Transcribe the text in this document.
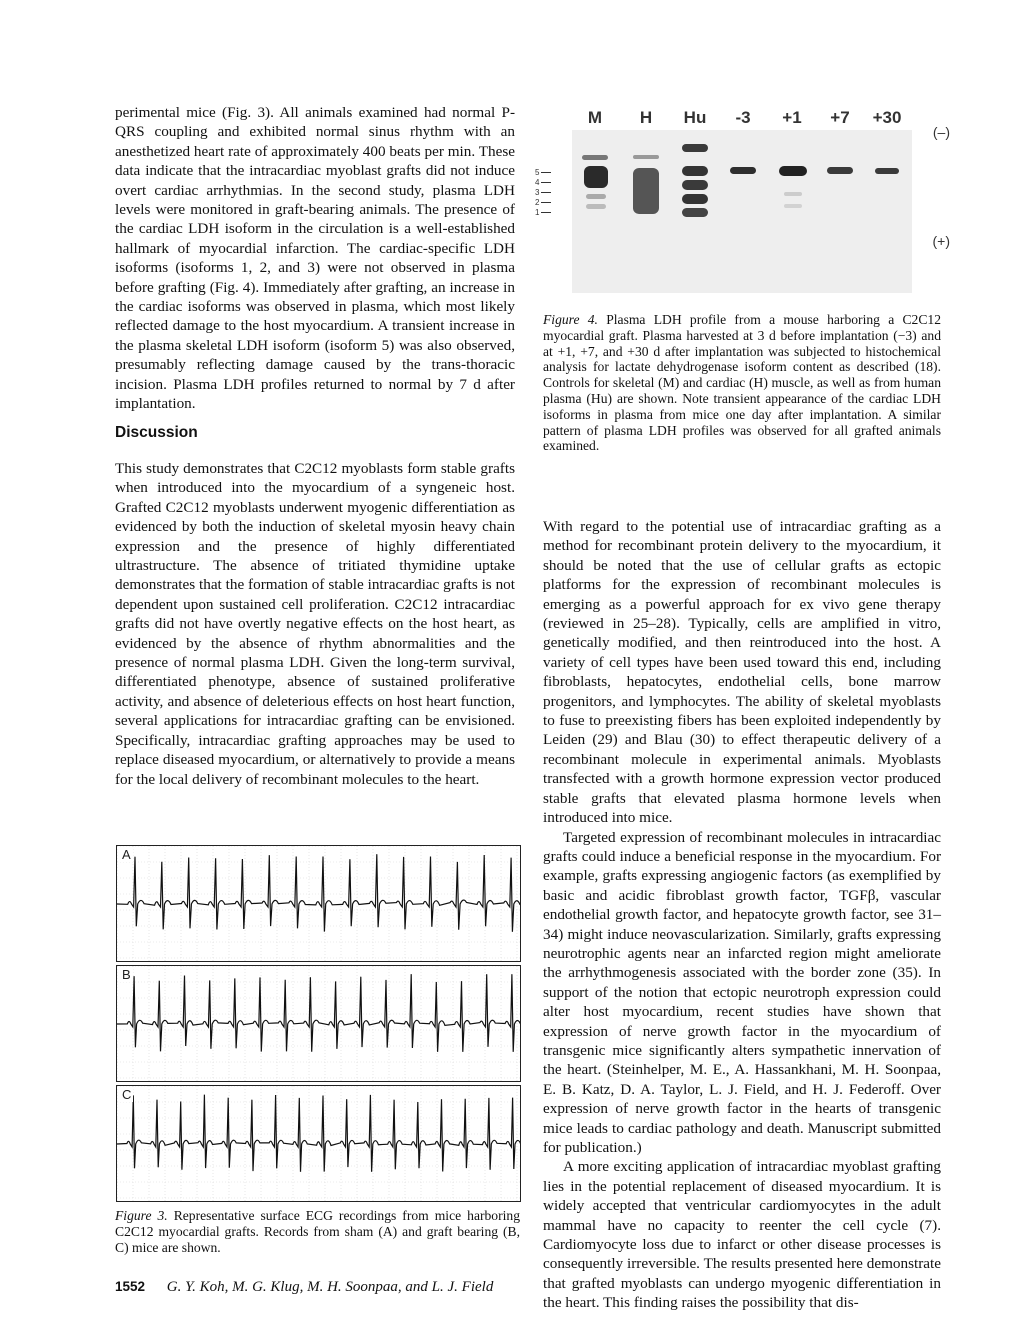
perimental mice (Fig. 3). All animals examined had normal P-QRS coupling and exhibited normal sinus rhythm with an anesthetized heart rate of approximately 400 beats per min. These data indicate that the intracardiac myoblast grafts did not induce overt cardiac arrhythmias. In the second study, plasma LDH levels were monitored in graft-bearing animals. The presence of the cardiac LDH isoform in the circulation is a well-established hallmark of myocardial infarction. The cardiac-specific LDH isoforms (isoforms 1, 2, and 3) were not observed in plasma before grafting (Fig. 4). Immediately after grafting, an increase in the cardiac isoforms was observed in plasma, which most likely reflected damage to the host myocardium. A transient increase in the plasma skeletal LDH isoform (isoform 5) was also observed, presumably reflecting damage caused by the trans-thoracic incision. Plasma LDH profiles returned to normal by 7 d after implantation.

Discussion

This study demonstrates that C2C12 myoblasts form stable grafts when introduced into the myocardium of a syngeneic host. Grafted C2C12 myoblasts underwent myogenic differentiation as evidenced by both the induction of skeletal myosin heavy chain expression and the presence of highly differentiated ultrastructure. The absence of tritiated thymidine uptake demonstrates that the formation of stable intracardiac grafts is not dependent upon sustained cell proliferation. C2C12 intracardiac grafts did not have overtly negative effects on the host heart, as evidenced by the absence of rhythm abnormalities and the presence of normal plasma LDH. Given the long-term survival, differentiated phenotype, absence of sustained proliferative activity, and absence of deleterious effects on host heart function, several applications for intracardiac grafting can be envisioned. Specifically, intracardiac grafting approaches may be used to replace diseased myocardium, or alternatively to provide a means for the local delivery of recombinant molecules to the heart.

M H Hu -3 +1 +7 +30
(–)
(+)
5
4
3
2
1
Figure 4. Plasma LDH profile from a mouse harboring a C2C12 myocardial graft. Plasma harvested at 3 d before implantation (−3) and at +1, +7, and +30 d after implantation was subjected to histochemical analysis for lactate dehydrogenase isoform content as described (18). Controls for skeletal (M) and cardiac (H) muscle, as well as from human plasma (Hu) are shown. Note transient appearance of the cardiac LDH isoforms in plasma from mice one day after implantation. A similar pattern of plasma LDH profiles was observed for all grafted animals examined.

With regard to the potential use of intracardiac grafting as a method for recombinant protein delivery to the myocardium, it should be noted that the use of cellular grafts as ectopic platforms for the expression of recombinant molecules is emerging as a powerful approach for ex vivo gene therapy (reviewed in 25–28). Typically, cells are amplified in vitro, genetically modified, and then reintroduced into the host. A variety of cell types have been used toward this end, including fibroblasts, hepatocytes, endothelial cells, bone marrow progenitors, and lymphocytes. The ability of skeletal myoblasts to fuse to preexisting fibers has been exploited independently by Leiden (29) and Blau (30) to effect therapeutic delivery of a recombinant molecule in experimental animals. Myoblasts transfected with a growth hormone expression vector produced stable grafts that elevated plasma hormone levels when introduced into mice.

Targeted expression of recombinant molecules in intracardiac grafts could induce a beneficial response in the myocardium. For example, grafts expressing angiogenic factors (as exemplified by basic and acidic fibroblast growth factor, TGFβ, vascular endothelial growth factor, and hepatocyte growth factor, see 31–34) might induce neovascularization. Similarly, grafts expressing neurotrophic agents near an infarcted region might ameliorate the arrhythmogenesis associated with the border zone (35). In support of the notion that ectopic neurotroph expression could alter host myocardium, recent studies have shown that expression of nerve growth factor in the myocardium of transgenic mice significantly alters sympathetic innervation of the heart. (Steinhelper, M. E., A. Hassankhani, M. H. Soonpaa, E. B. Katz, D. A. Taylor, L. J. Field, and H. J. Federoff. Over expression of nerve growth factor in the hearts of transgenic mice leads to cardiac pathology and death. Manuscript submitted for publication.)

A more exciting application of intracardiac myoblast grafting lies in the potential replacement of diseased myocardium. It is widely accepted that ventricular cardiomyocytes in the adult mammal have no capacity to reenter the cell cycle (7). Cardiomyocyte loss due to infarct or other disease processes is consequently irreversible. The results presented here demonstrate that grafted myoblasts can undergo myogenic differentiation in the heart. This finding raises the possibility that dis-

A
B
C
Figure 3. Representative surface ECG recordings from mice harboring C2C12 myocardial grafts. Records from sham (A) and graft bearing (B, C) mice are shown.
1552 G. Y. Koh, M. G. Klug, M. H. Soonpaa, and L. J. Field
